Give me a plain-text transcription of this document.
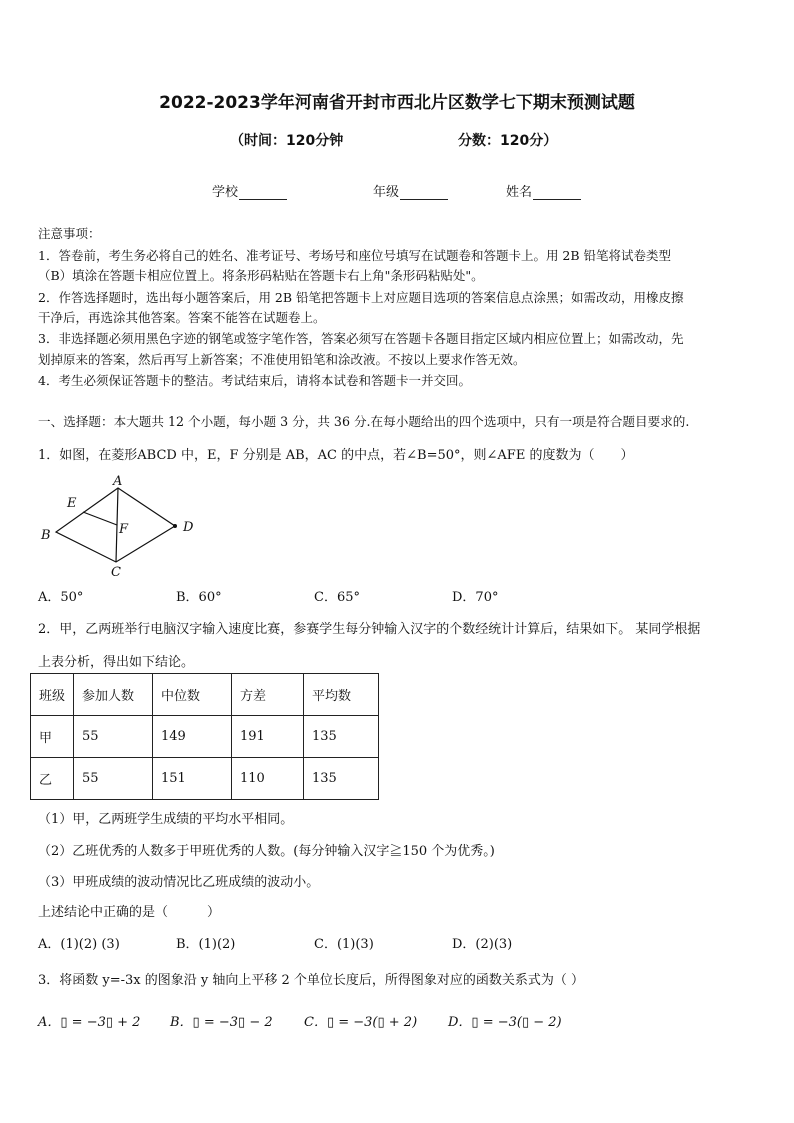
2022-2023学年河南省开封市西北片区数学七下期末预测试题
（时间：120分钟	分数：120分）
学校	年级	姓名
注意事项：
1．答卷前，考生务必将自己的姓名、准考证号、考场号和座位号填写在试题卷和答题卡上。用 2B 铅笔将试卷类型
（B）填涂在答题卡相应位置上。将条形码粘贴在答题卡右上角"条形码粘贴处"。
2．作答选择题时，选出每小题答案后，用 2B 铅笔把答题卡上对应题目选项的答案信息点涂黑；如需改动，用橡皮擦
干净后，再选涂其他答案。答案不能答在试题卷上。
3．非选择题必须用黑色字迹的钢笔或签字笔作答，答案必须写在答题卡各题目指定区域内相应位置上；如需改动，先
划掉原来的答案，然后再写上新答案；不准使用铅笔和涂改液。不按以上要求作答无效。
4．考生必须保证答题卡的整洁。考试结束后，请将本试卷和答题卡一并交回。
一、选择题：本大题共 12 个小题，每小题 3 分，共 36 分.在每小题给出的四个选项中，只有一项是符合题目要求的.
1．如图，在菱形ABCD 中，E，F 分别是 AB，AC 的中点，若∠B=50°，则∠AFE 的度数为（　　）
A
B
C
D
E
F
A．50°	B．60°	C．65°	D．70°
2．甲，乙两班举行电脑汉字输入速度比赛，参赛学生每分钟输入汉字的个数经统计计算后，结果如下。 某同学根据
上表分析，得出如下结论。
班级	参加人数	中位数	方差	平均数
甲	55	149	191	135
乙	55	151	110	135
（1）甲，乙两班学生成绩的平均水平相同。
（2）乙班优秀的人数多于甲班优秀的人数。(每分钟输入汉字≧150 个为优秀。)
（3）甲班成绩的波动情况比乙班成绩的波动小。
上述结论中正确的是（　　　）
A．(1)(2) (3)	B．(1)(2)	C．(1)(3)	D．(2)(3)
3．将函数 y=-3x 的图象沿 y 轴向上平移 2 个单位长度后，所得图象对应的函数关系式为（ ）
A．▯ = −3▯ + 2 B．▯ = −3▯ − 2 C．▯ = −3(▯ + 2) D．▯ = −3(▯ − 2)
